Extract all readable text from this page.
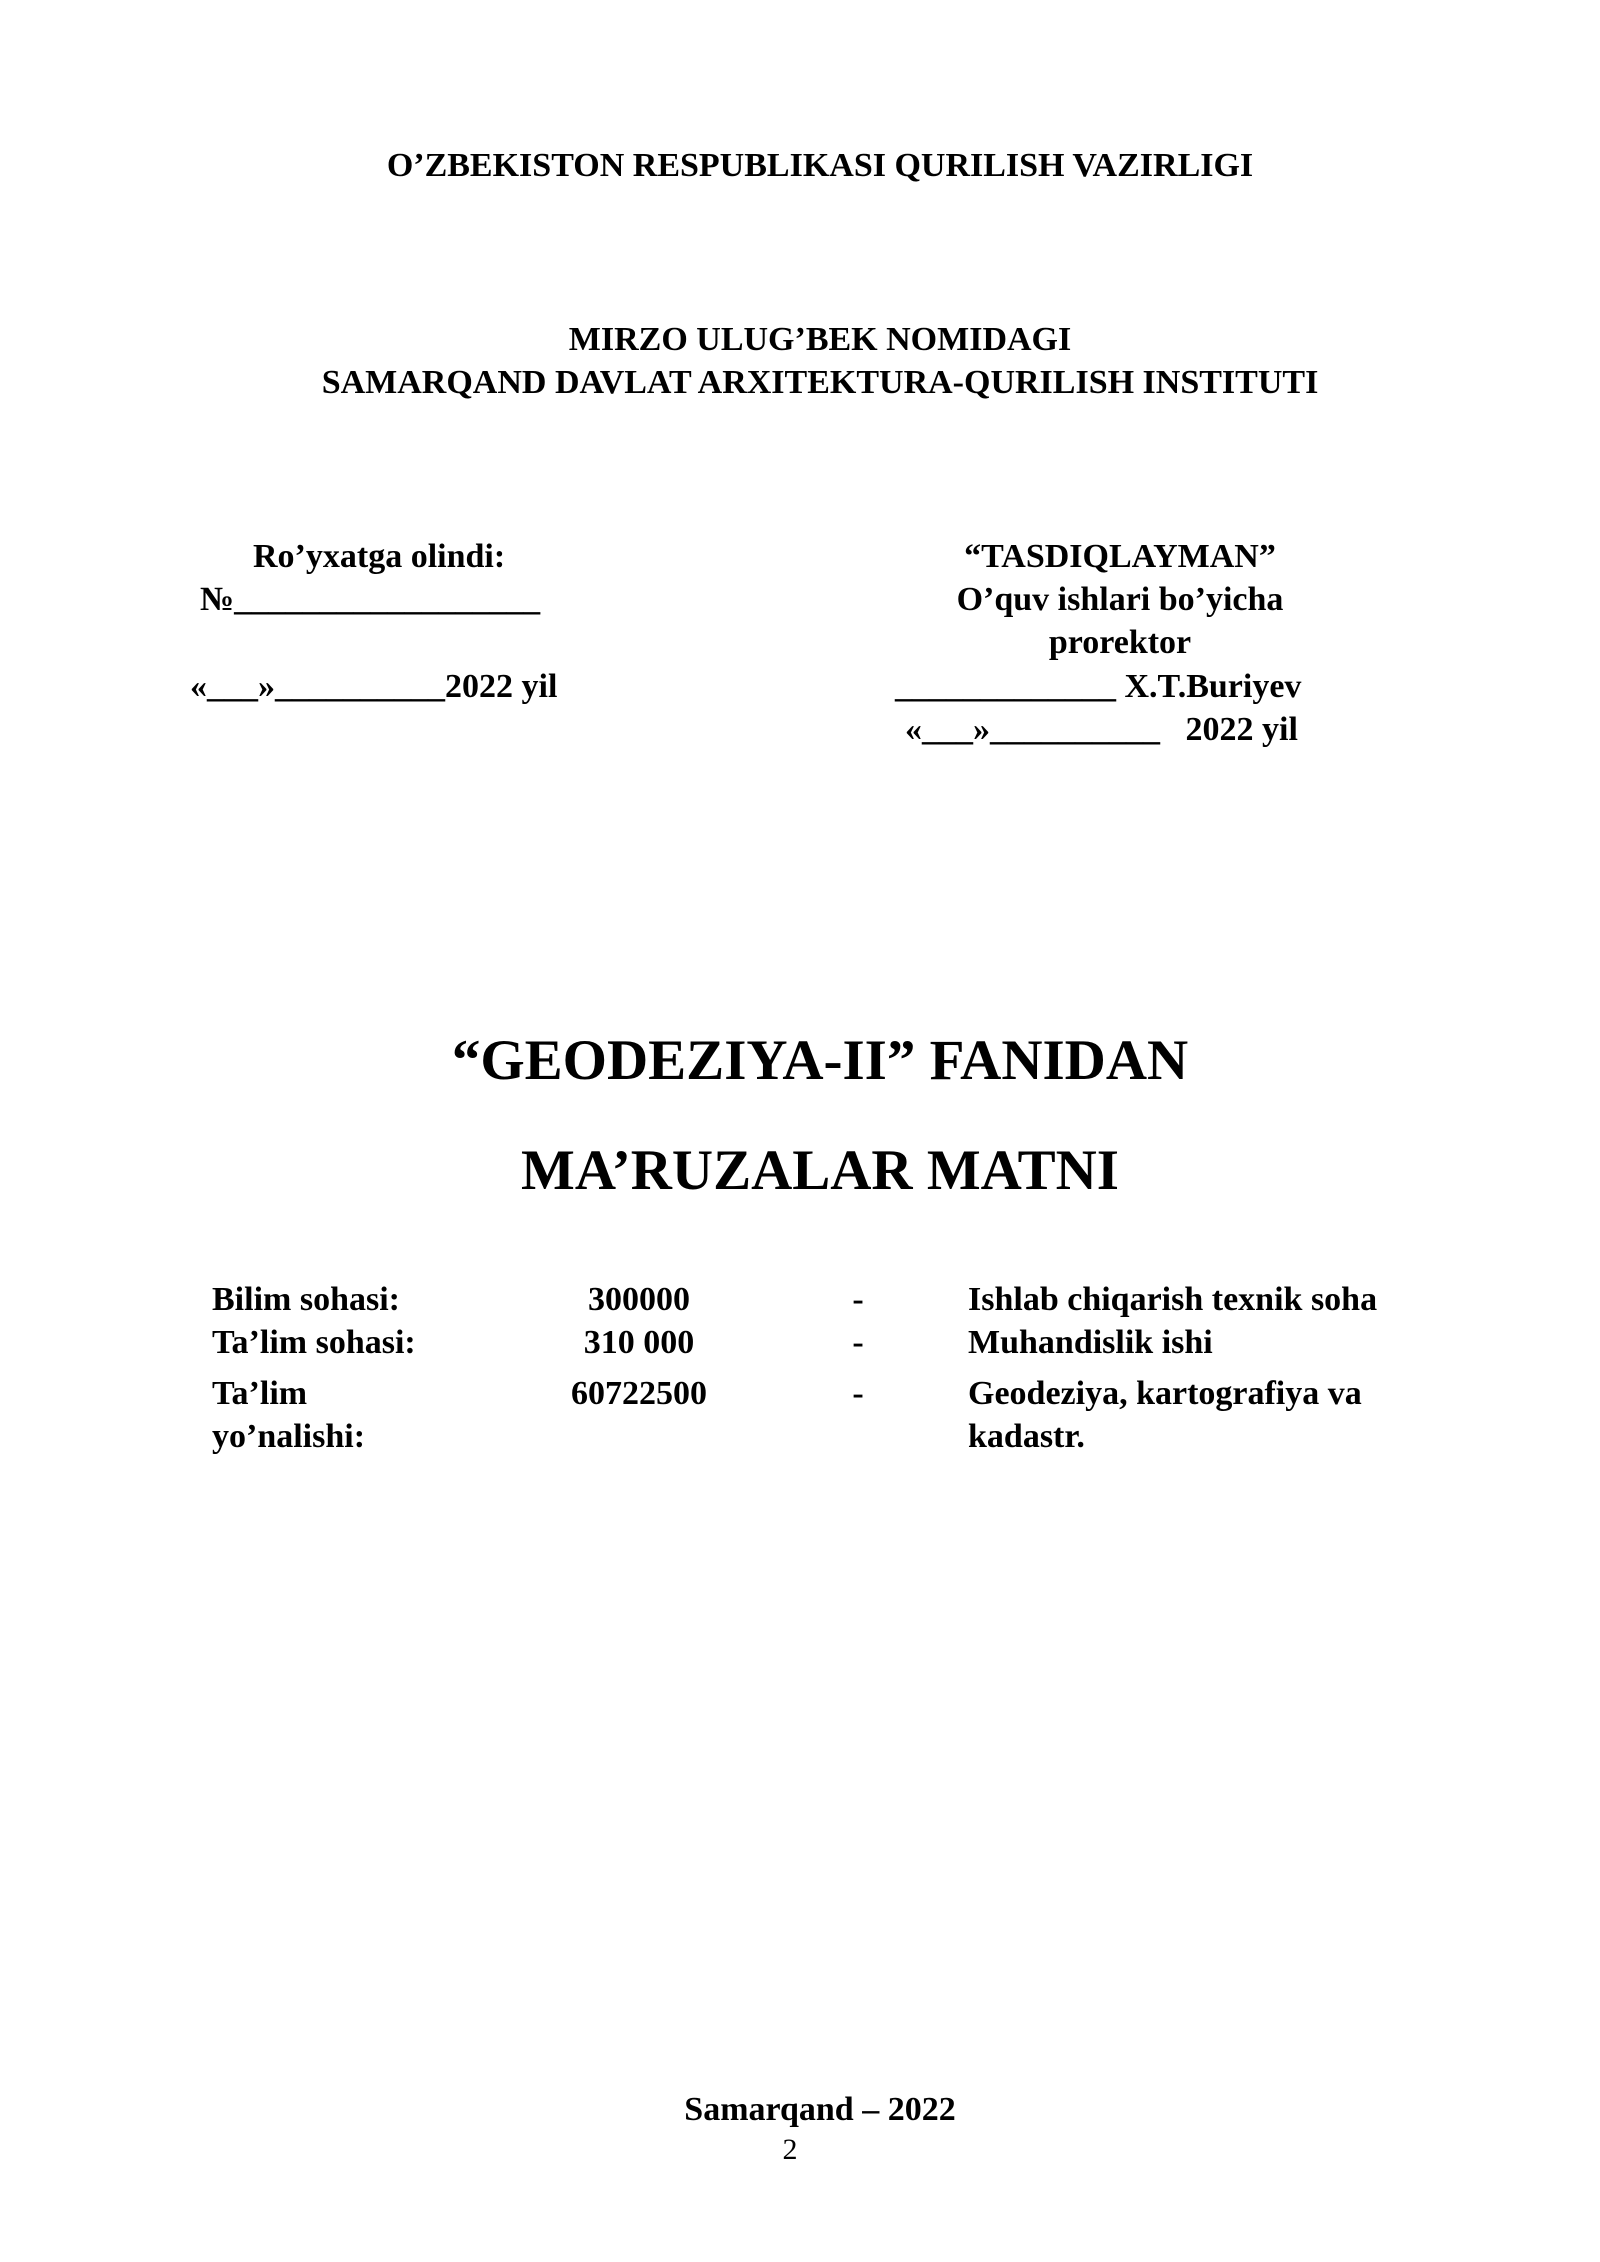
O’ZBEKISTON RESPUBLIKASI QURILISH VAZIRLIGI
MIRZO ULUG’BEK NOMIDAGI
SAMARQAND DAVLAT ARXITEKTURA-QURILISH INSTITUTI
Ro’yxatga olindi:
№__________________
«___»__________2022 yil
“TASDIQLAYMAN”
O’quv ishlari bo’yicha
prorektor
_____________ X.T.Buriyev
«___»__________   2022 yil
“GEODEZIYA-II” FANIDAN
MA’RUZALAR MATNI
Bilim sohasi:	300000	-	Ishlab chiqarish texnik soha
Ta’lim sohasi:	310 000	-	Muhandislik ishi
Ta’lim yo’nalishi:	60722500	-	Geodeziya, kartografiya va kadastr.
Samarqand – 2022
2
